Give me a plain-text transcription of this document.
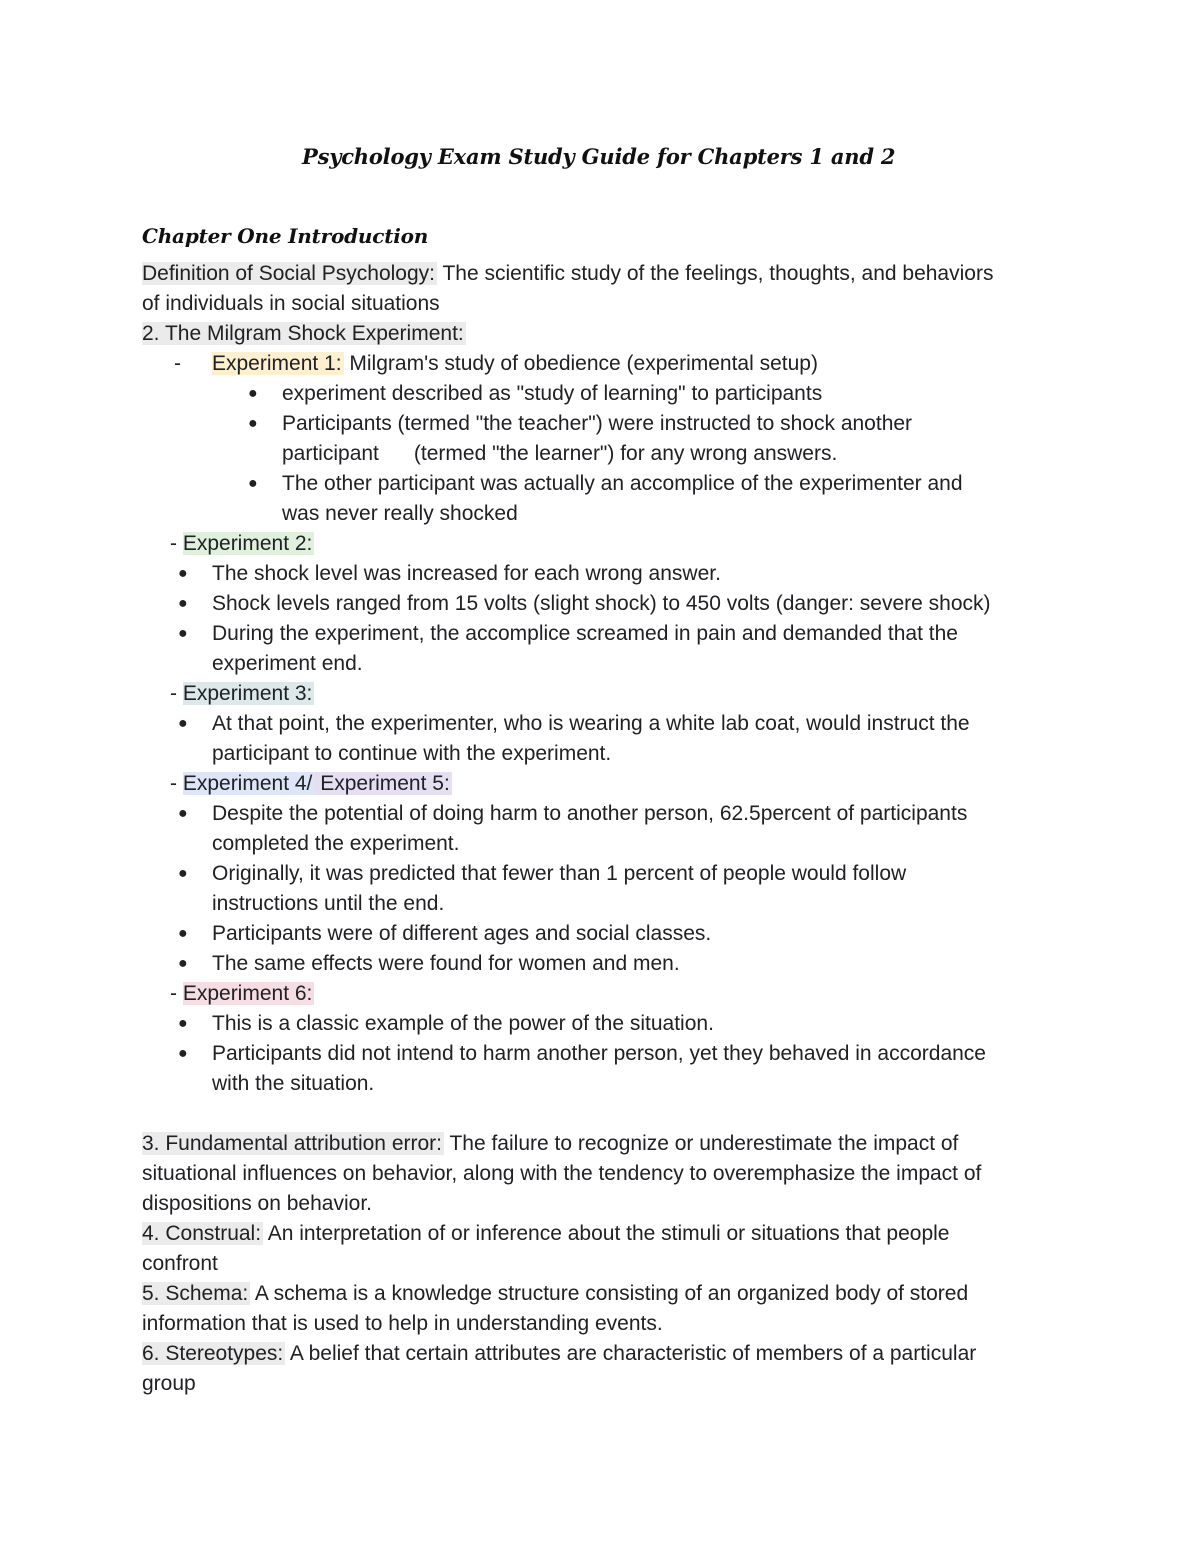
Psychology Exam Study Guide for Chapters 1 and 2
Chapter One Introduction
Definition of Social Psychology: The scientific study of the feelings, thoughts, and behaviors
of individuals in social situations
2. The Milgram Shock Experiment:
- Experiment 1: Milgram's study of obedience (experimental setup)
● experiment described as "study of learning" to participants
● Participants (termed "the teacher") were instructed to shock another
participant      (termed "the learner") for any wrong answers.
● The other participant was actually an accomplice of the experimenter and
was never really shocked
- Experiment 2:
● The shock level was increased for each wrong answer.
● Shock levels ranged from 15 volts (slight shock) to 450 volts (danger: severe shock)
● During the experiment, the accomplice screamed in pain and demanded that the
experiment end.
- Experiment 3:
● At that point, the experimenter, who is wearing a white lab coat, would instruct the
participant to continue with the experiment.
- Experiment 4/ Experiment 5:
● Despite the potential of doing harm to another person, 62.5percent of participants
completed the experiment.
● Originally, it was predicted that fewer than 1 percent of people would follow
instructions until the end.
● Participants were of different ages and social classes.
● The same effects were found for women and men.
- Experiment 6:
● This is a classic example of the power of the situation.
● Participants did not intend to harm another person, yet they behaved in accordance
with the situation.
3. Fundamental attribution error: The failure to recognize or underestimate the impact of
situational influences on behavior, along with the tendency to overemphasize the impact of
dispositions on behavior.
4. Construal: An interpretation of or inference about the stimuli or situations that people
confront
5. Schema: A schema is a knowledge structure consisting of an organized body of stored
information that is used to help in understanding events.
6. Stereotypes: A belief that certain attributes are characteristic of members of a particular
group
